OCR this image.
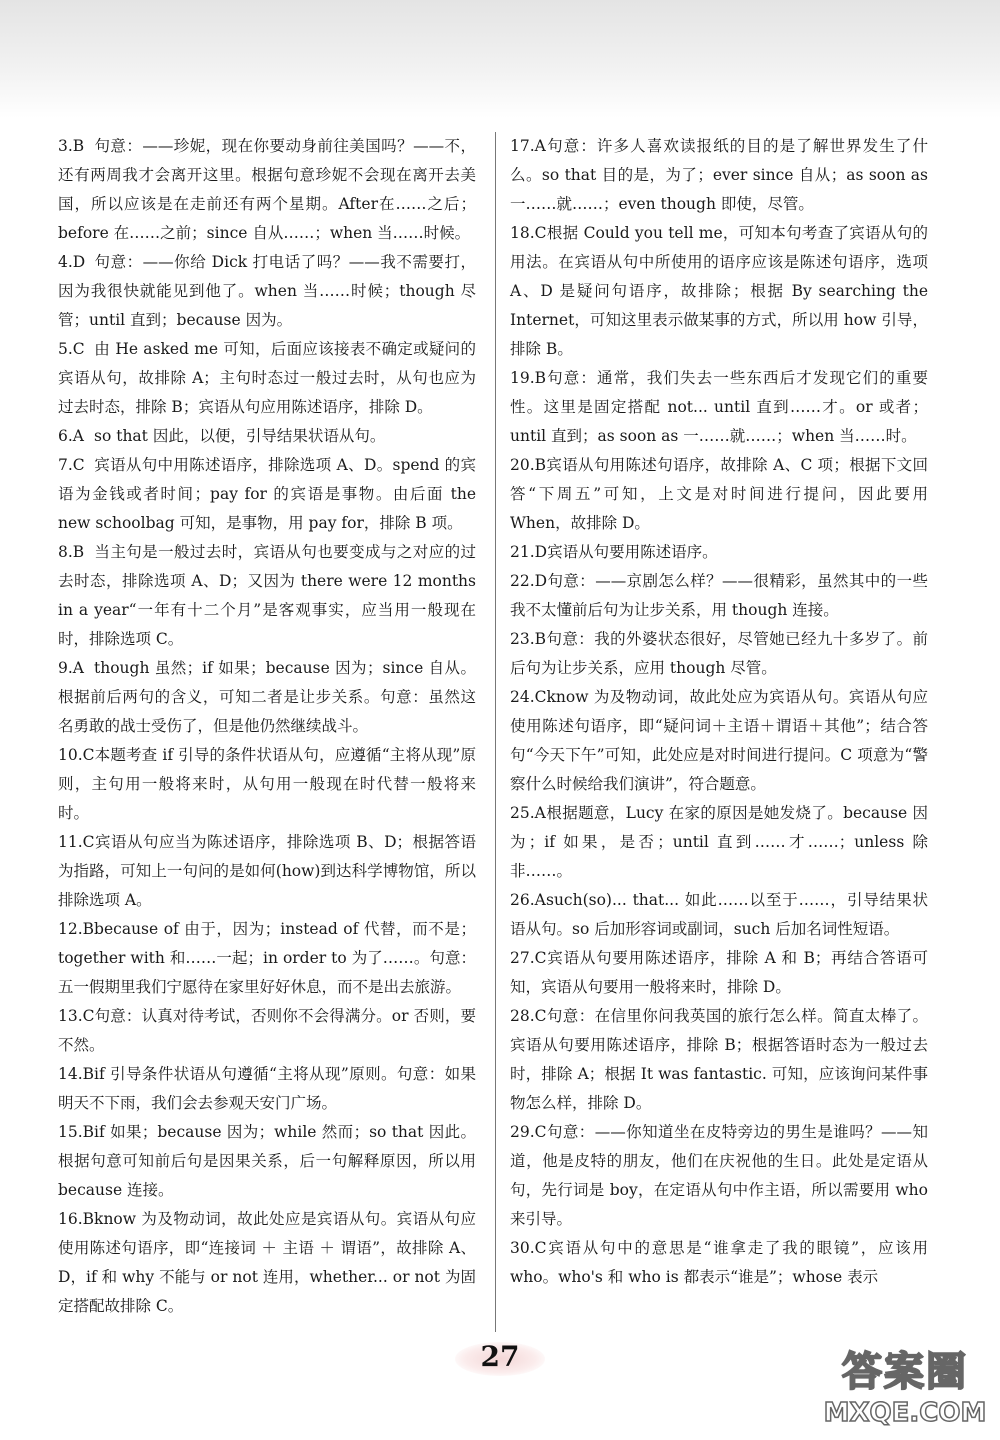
3.B 句意：——珍妮，现在你要动身前往美国吗？——不，还有两周我才会离开这里。根据句意珍妮不会现在离开去美国，所以应该是在走前还有两个星期。After在……之后；before 在……之前；since 自从……；when 当……时候。

4.D 句意：——你给 Dick 打电话了吗？——我不需要打，因为我很快就能见到他了。when 当……时候；though 尽管；until 直到；because 因为。

5.C 由 He asked me 可知，后面应该接表不确定或疑问的宾语从句，故排除 A；主句时态过一般过去时，从句也应为过去时态，排除 B；宾语从句应用陈述语序，排除 D。

6.A so that 因此，以便，引导结果状语从句。

7.C 宾语从句中用陈述语序，排除选项 A、D。spend 的宾语为金钱或者时间；pay for 的宾语是事物。由后面 the new schoolbag 可知，是事物，用 pay for，排除 B 项。

8.B 当主句是一般过去时，宾语从句也要变成与之对应的过去时态，排除选项 A、D；又因为 there were 12 months in a year“一年有十二个月”是客观事实，应当用一般现在时，排除选项 C。

9.A though 虽然；if 如果；because 因为；since 自从。根据前后两句的含义，可知二者是让步关系。句意：虽然这名勇敢的战士受伤了，但是他仍然继续战斗。

10.C本题考查 if 引导的条件状语从句，应遵循“主将从现”原则，主句用一般将来时，从句用一般现在时代替一般将来时。

11.C宾语从句应当为陈述语序，排除选项 B、D；根据答语为指路，可知上一句问的是如何(how)到达科学博物馆，所以排除选项 A。

12.Bbecause of 由于，因为；instead of 代替，而不是；together with 和……一起；in order to 为了……。句意：五一假期里我们宁愿待在家里好好休息，而不是出去旅游。

13.C句意：认真对待考试，否则你不会得满分。or 否则，要不然。

14.Bif 引导条件状语从句遵循“主将从现”原则。句意：如果明天不下雨，我们会去参观天安门广场。

15.Bif 如果；because 因为；while 然而；so that 因此。根据句意可知前后句是因果关系，后一句解释原因，所以用 because 连接。

16.Bknow 为及物动词，故此处应是宾语从句。宾语从句应使用陈述句语序，即“连接词 ＋ 主语 ＋ 谓语”，故排除 A、D，if 和 why 不能与 or not 连用，whether... or not 为固定搭配故排除 C。

17.A句意：许多人喜欢读报纸的目的是了解世界发生了什么。so that 目的是，为了；ever since 自从；as soon as 一……就……；even though 即使，尽管。

18.C根据 Could you tell me，可知本句考查了宾语从句的用法。在宾语从句中所使用的语序应该是陈述句语序，选项 A、D 是疑问句语序，故排除；根据 By searching the Internet，可知这里表示做某事的方式，所以用 how 引导，排除 B。

19.B句意：通常，我们失去一些东西后才发现它们的重要性。这里是固定搭配 not... until 直到……才。or 或者；until 直到；as soon as 一……就……；when 当……时。

20.B宾语从句用陈述句语序，故排除 A、C 项；根据下文回答“下周五”可知，上文是对时间进行提问，因此要用 When，故排除 D。

21.D宾语从句要用陈述语序。

22.D句意：——京剧怎么样？——很精彩，虽然其中的一些我不太懂前后句为让步关系，用 though 连接。

23.B句意：我的外婆状态很好，尽管她已经九十多岁了。前后句为让步关系，应用 though 尽管。

24.Cknow 为及物动词，故此处应为宾语从句。宾语从句应使用陈述句语序，即“疑问词＋主语＋谓语＋其他”；结合答句“今天下午”可知，此处应是对时间进行提问。C 项意为“警察什么时候给我们演讲”，符合题意。

25.A根据题意，Lucy 在家的原因是她发烧了。because 因为；if 如果，是否；until 直到……才……；unless 除非……。

26.Asuch(so)... that... 如此……以至于……，引导结果状语从句。so 后加形容词或副词，such 后加名词性短语。

27.C宾语从句要用陈述语序，排除 A 和 B；再结合答语可知，宾语从句要用一般将来时，排除 D。

28.C句意：在信里你问我英国的旅行怎么样。简直太棒了。宾语从句要用陈述语序，排除 B；根据答语时态为一般过去时，排除 A；根据 It was fantastic. 可知，应该询问某件事物怎么样，排除 D。

29.C句意：——你知道坐在皮特旁边的男生是谁吗？——知道，他是皮特的朋友，他们在庆祝他的生日。此处是定语从句，先行词是 boy，在定语从句中作主语，所以需要用 who 来引导。

30.C宾语从句中的意思是“谁拿走了我的眼镜”，应该用 who。who's 和 who is 都表示“谁是”；whose 表示

27	答案圈
MXQE.COM
